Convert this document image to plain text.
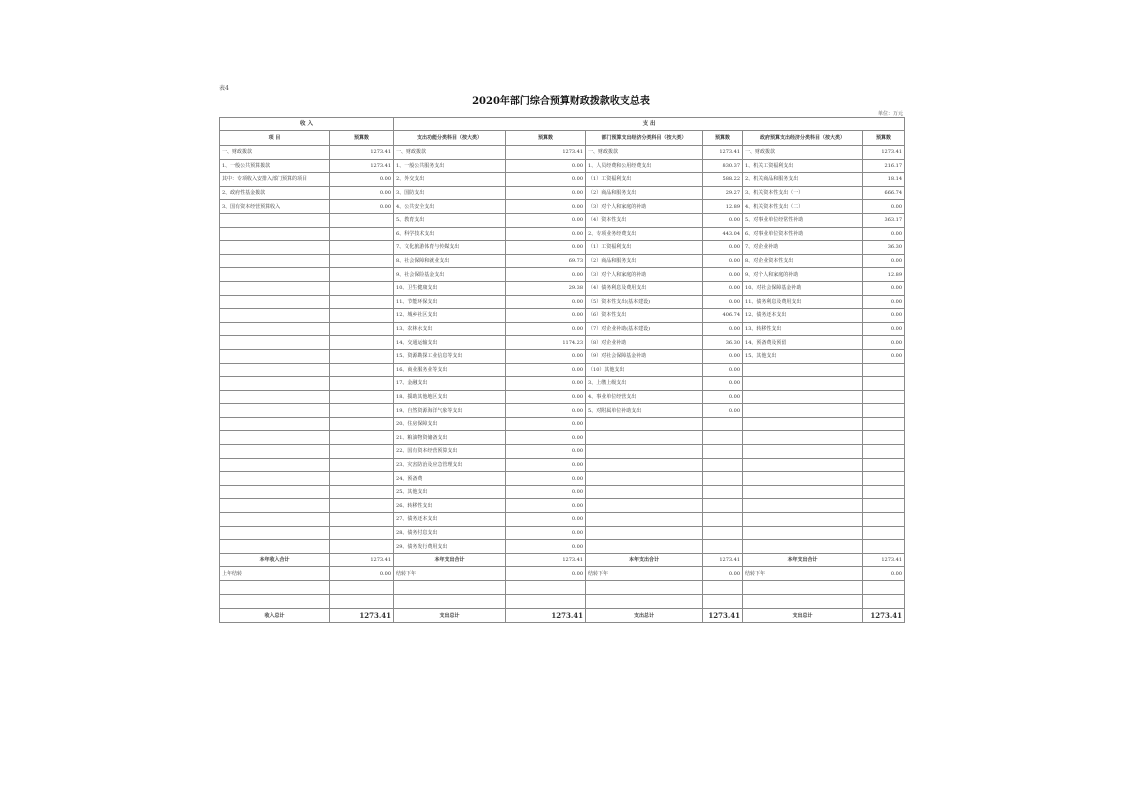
表4
2020年部门综合预算财政拨款收支总表
单位：万元
收 入		支 出					
项 目	预算数	支出功能分类科目（按大类）	预算数	部门预算支出经济分类科目（按大类）	预算数	政府预算支出经济分类科目（按大类）	预算数
一、财政拨款	1273.41	一、财政拨款	1273.41	一、财政拨款	1273.41	一、财政拨款	1273.41
1、一般公共预算拨款	1273.41	1、一般公共服务支出	0.00	1、人员经费和公用经费支出	830.37	1、机关工资福利支出	216.17
其中：专项收入安排入部门预算的项目	0.00	2、外交支出	0.00	（1）工资福利支出	588.22	2、机关商品和服务支出	18.14
2、政府性基金拨款	0.00	3、国防支出	0.00	（2）商品和服务支出	29.27	3、机关资本性支出（一）	666.74
3、国有资本经营预算收入	0.00	4、公共安全支出	0.00	（3）对个人和家庭的补助	12.89	4、机关资本性支出（二）	0.00
		5、教育支出	0.00	（4）资本性支出	0.00	5、对事业单位经常性补助	363.17
		6、科学技术支出	0.00	2、专项业务经费支出	443.04	6、对事业单位资本性补助	0.00
		7、文化旅游体育与传媒支出	0.00	（1）工资福利支出	0.00	7、对企业补助	36.30
		8、社会保障和就业支出	69.73	（2）商品和服务支出	0.00	8、对企业资本性支出	0.00
		9、社会保险基金支出	0.00	（3）对个人和家庭的补助	0.00	9、对个人和家庭的补助	12.89
		10、卫生健康支出	29.38	（4）债务利息及费用支出	0.00	10、对社会保障基金补助	0.00
		11、节能环保支出	0.00	（5）资本性支出(基本建设)	0.00	11、债务利息及费用支出	0.00
		12、城乡社区支出	0.00	（6）资本性支出	406.74	12、债务还本支出	0.00
		13、农林水支出	0.00	（7）对企业补助(基本建设)	0.00	13、转移性支出	0.00
		14、交通运输支出	1174.23	（8）对企业补助	36.30	14、预备费及预留	0.00
		15、资源勘探工业信息等支出	0.00	（9）对社会保障基金补助	0.00	15、其他支出	0.00
		16、商业服务业等支出	0.00	（10）其他支出	0.00		
		17、金融支出	0.00	3、上缴上级支出	0.00		
		18、援助其他地区支出	0.00	4、事业单位经营支出	0.00		
		19、自然资源海洋气象等支出	0.00	5、对附属单位补助支出	0.00		
		20、住房保障支出	0.00				
		21、粮油物资储备支出	0.00				
		22、国有资本经营预算支出	0.00				
		23、灾害防治及应急管理支出	0.00				
		24、预备费	0.00				
		25、其他支出	0.00				
		26、转移性支出	0.00				
		27、债务还本支出	0.00				
		28、债务付息支出	0.00				
		29、债务发行费用支出	0.00				
本年收入合计	1273.41	本年支出合计	1273.41	本年支出合计	1273.41	本年支出合计	1273.41
上年结转	0.00	结转下年	0.00	结转下年	0.00	结转下年	0.00

收入总计	1273.41	支出总计	1273.41	支出总计	1273.41	支出总计	1273.41
